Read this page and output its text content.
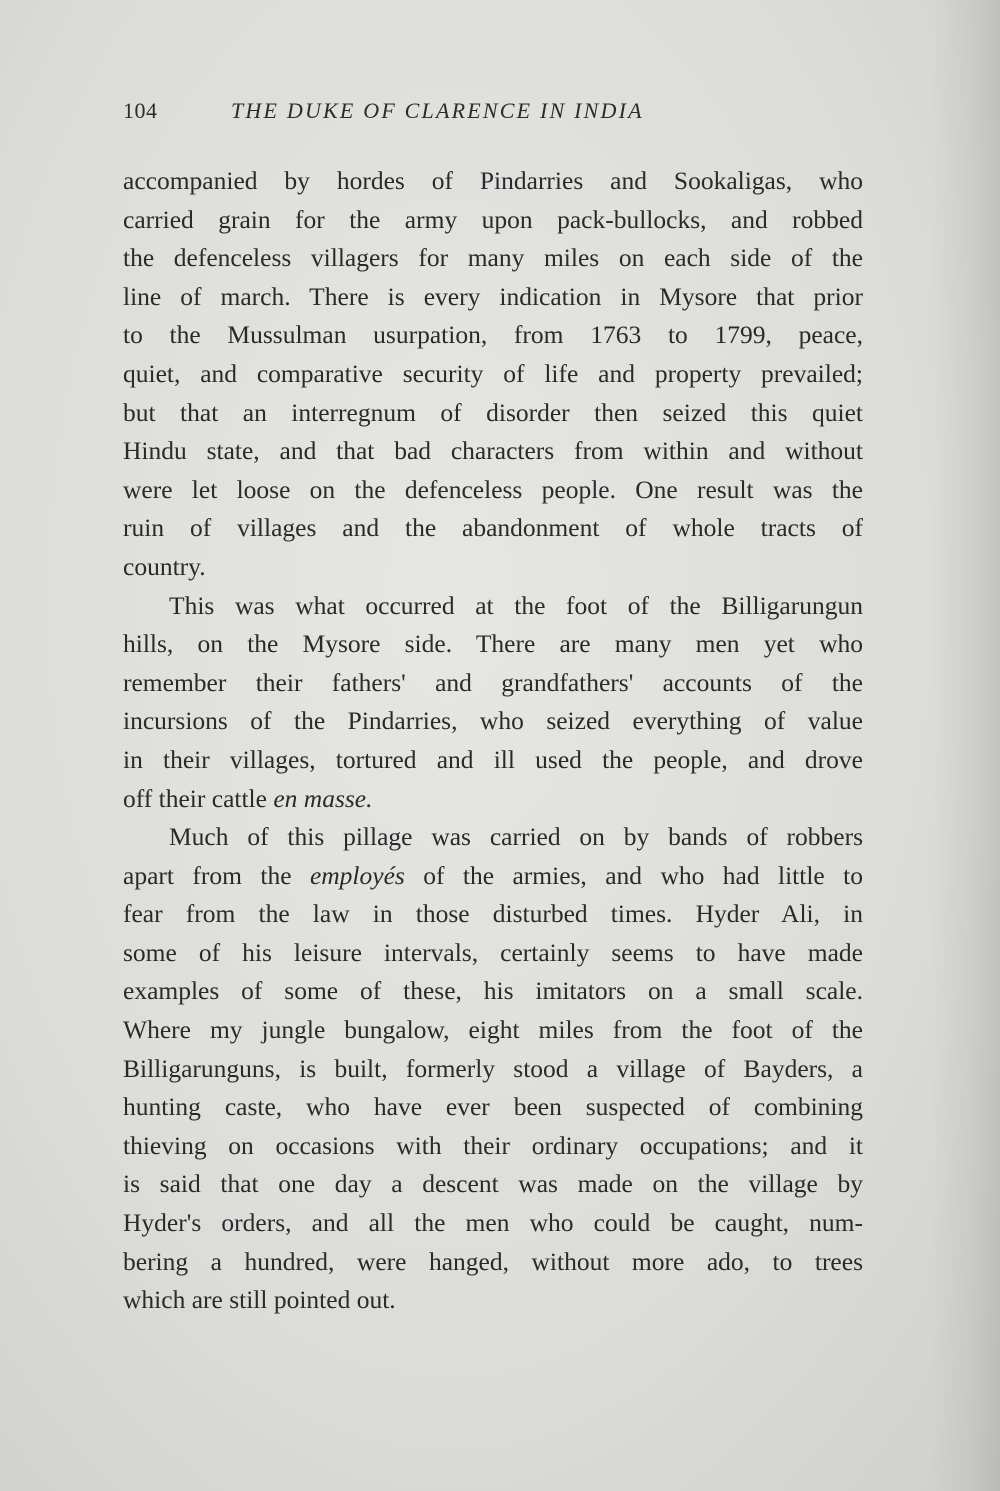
104	THE DUKE OF CLARENCE IN INDIA

accompanied by hordes of Pindarries and Sookaligas, who
carried grain for the army upon pack-bullocks, and robbed
the defenceless villagers for many miles on each side of the
line of march. There is every indication in Mysore that prior
to the Mussulman usurpation, from 1763 to 1799, peace,
quiet, and comparative security of life and property prevailed;
but that an interregnum of disorder then seized this quiet
Hindu state, and that bad characters from within and without
were let loose on the defenceless people. One result was the
ruin of villages and the abandonment of whole tracts of
country.

This was what occurred at the foot of the Billigarungun
hills, on the Mysore side. There are many men yet who
remember their fathers' and grandfathers' accounts of the
incursions of the Pindarries, who seized everything of value
in their villages, tortured and ill used the people, and drove
off their cattle en masse.

Much of this pillage was carried on by bands of robbers
apart from the employés of the armies, and who had little to
fear from the law in those disturbed times. Hyder Ali, in
some of his leisure intervals, certainly seems to have made
examples of some of these, his imitators on a small scale.
Where my jungle bungalow, eight miles from the foot of the
Billigarunguns, is built, formerly stood a village of Bayders, a
hunting caste, who have ever been suspected of combining
thieving on occasions with their ordinary occupations; and it
is said that one day a descent was made on the village by
Hyder's orders, and all the men who could be caught, num-
bering a hundred, were hanged, without more ado, to trees
which are still pointed out.
